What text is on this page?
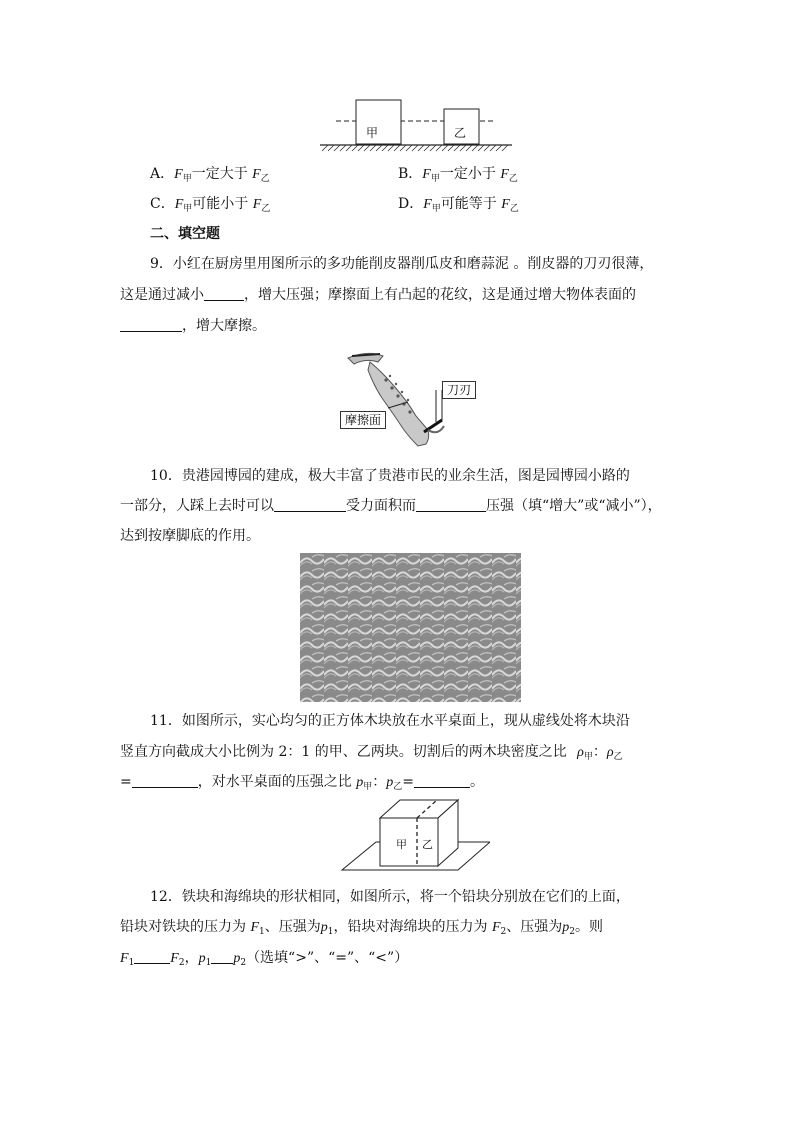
甲	乙
A．$F_甲$一定大于 $F_乙$	B．$F_甲$一定小于 $F_乙$
C．$F_甲$可能小于 $F_乙$	D．$F_甲$可能等于 $F_乙$
二、填空题
9．小红在厨房里用图所示的多功能削皮器削瓜皮和磨蒜泥 。削皮器的刀刃很薄，
这是通过减小	，增大压强；摩擦面上有凸起的花纹，这是通过增大物体表面的
，增大摩擦。
刀刃
摩擦面
10．贵港园博园的建成，极大丰富了贵港市民的业余生活，图是园博园小路的
一部分，人踩上去时可以	受力面积而	压强（填“增大”或“减小”），
达到按摩脚底的作用。
11．如图所示，实心均匀的正方体木块放在水平桌面上，现从虚线处将木块沿
竖直方向截成大小比例为 2：1 的甲、乙两块。切割后的两木块密度之比 $\rho_甲$：$\rho_乙$
=	，对水平桌面的压强之比 $p_甲$：$p_乙=$	。
甲 乙
12．铁块和海绵块的形状相同，如图所示，将一个铅块分别放在它们的上面，
铅块对铁块的压力为 $F_1$、压强为$p_1$，铅块对海绵块的压力为 $F_2$、压强为$p_2$。则
$F_1$	$F_2$，$p_1$ $p_2$（选填“>”、“=”、“<”）
